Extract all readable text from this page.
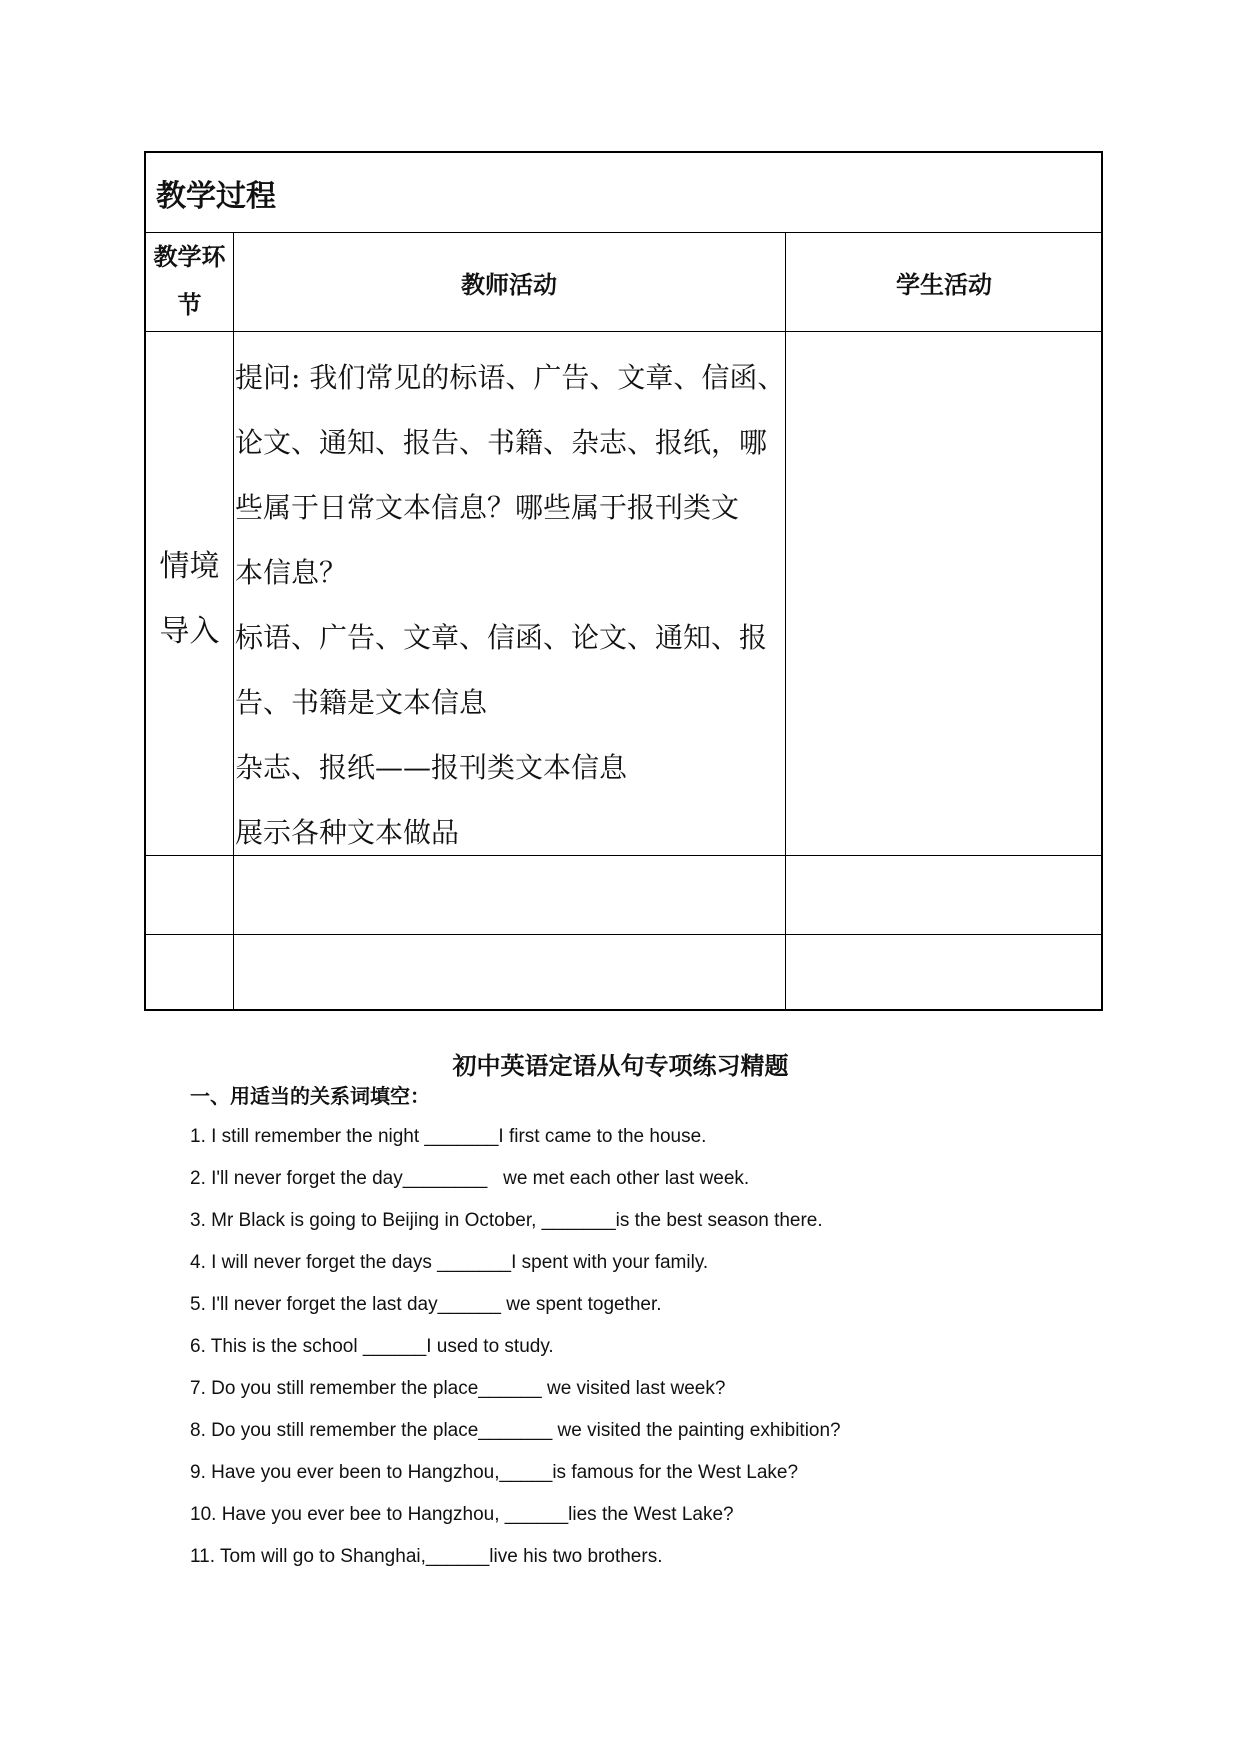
教学过程
教学环节
教师活动	学生活动
情境导入

提问: 我们常见的标语、广告、文章、信函、

论文、通知、报告、书籍、杂志、报纸，哪

些属于日常文本信息？哪些属于报刊类文

本信息？

标语、广告、文章、信函、论文、通知、报

告、书籍是文本信息

杂志、报纸——报刊类文本信息

展示各种文本做品

初中英语定语从句专项练习精题
一、用适当的关系词填空：
1. I still remember the night _______I first came to the house.
2. I'll never forget the day________   we met each other last week.
3. Mr Black is going to Beijing in October, _______is the best season there.
4. I will never forget the days _______I spent with your family.
5. I'll never forget the last day______ we spent together.
6. This is the school ______I used to study.
7. Do you still remember the place______ we visited last week?
8. Do you still remember the place_______ we visited the painting exhibition?
9. Have you ever been to Hangzhou,_____is famous for the West Lake?
10. Have you ever bee to Hangzhou, ______lies the West Lake?
11. Tom will go to Shanghai,______live his two brothers.
